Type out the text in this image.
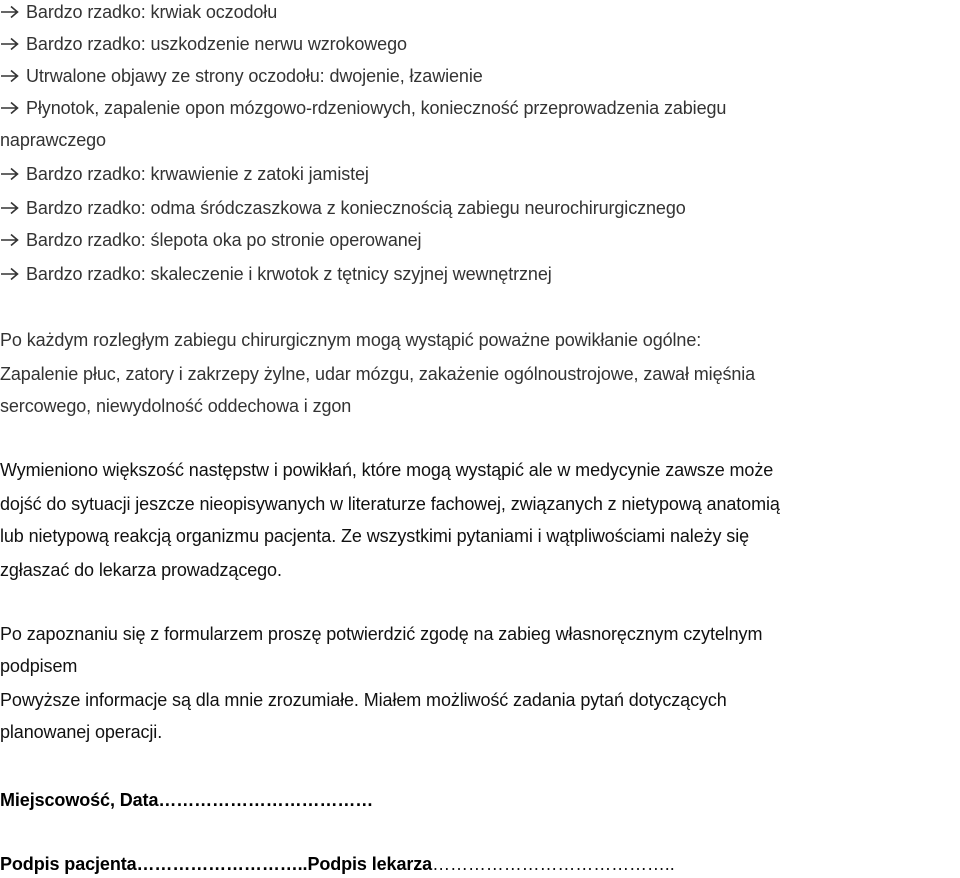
Bardzo rzadko: krwiak oczodołu
Bardzo rzadko: uszkodzenie nerwu wzrokowego
Utrwalone objawy ze strony oczodołu: dwojenie, łzawienie
Płynotok, zapalenie opon mózgowo-rdzeniowych, konieczność przeprowadzenia zabiegu
naprawczego
Bardzo rzadko: krwawienie z zatoki jamistej
Bardzo rzadko: odma śródczaszkowa z koniecznością zabiegu neurochirurgicznego
Bardzo rzadko: ślepota oka po stronie operowanej
Bardzo rzadko: skaleczenie i krwotok z tętnicy szyjnej wewnętrznej
Po każdym rozległym zabiegu chirurgicznym mogą wystąpić poważne powikłanie ogólne:
Zapalenie płuc, zatory i zakrzepy żylne, udar mózgu, zakażenie ogólnoustrojowe, zawał mięśnia
sercowego, niewydolność oddechowa i zgon
Wymieniono większość następstw i powikłań, które mogą wystąpić ale w medycynie zawsze może
dojść do sytuacji jeszcze nieopisywanych w literaturze fachowej, związanych z nietypową anatomią
lub nietypową reakcją organizmu pacjenta. Ze wszystkimi pytaniami i wątpliwościami należy się
zgłaszać do lekarza prowadzącego.
Po zapoznaniu się z formularzem proszę potwierdzić zgodę na zabieg własnoręcznym czytelnym
podpisem
Powyższe informacje są dla mnie zrozumiałe. Miałem możliwość zadania pytań dotyczących
planowanej operacji.
Miejscowość, Data………………………………
Podpis pacjenta………………………..Podpis lekarza…………………………………..
